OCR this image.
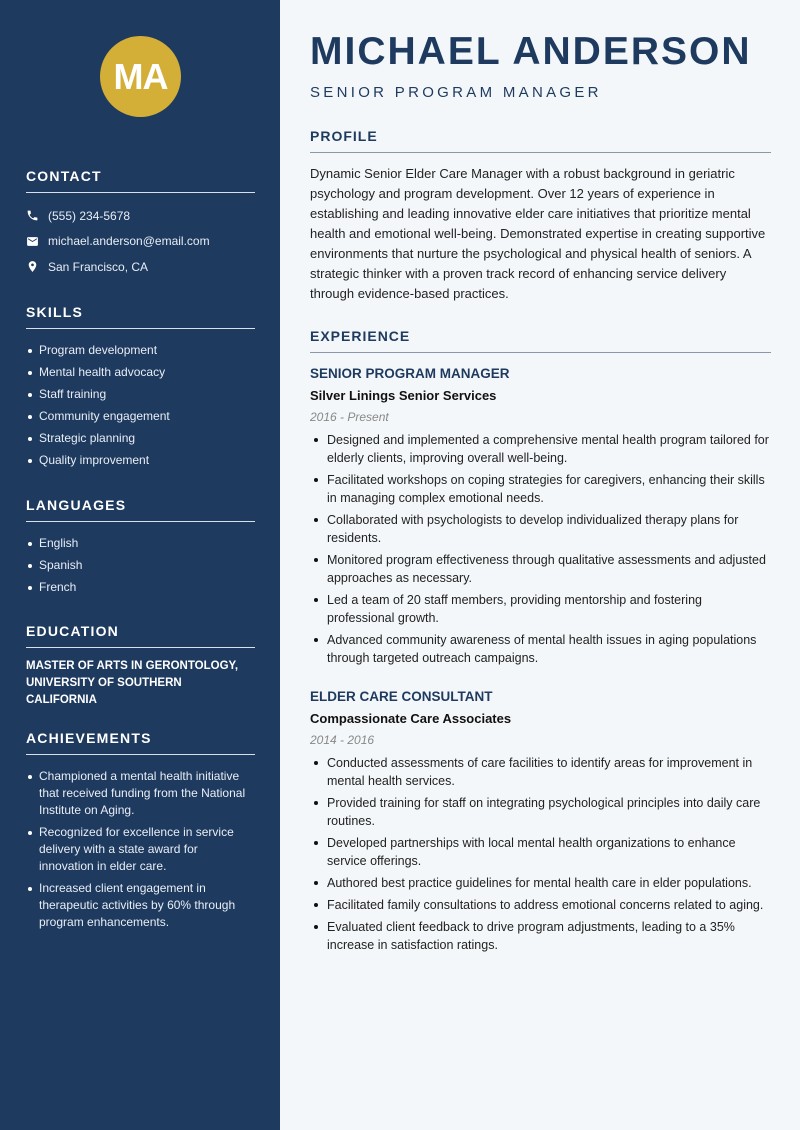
MA
CONTACT
(555) 234-5678
michael.anderson@email.com
San Francisco, CA
SKILLS
Program development
Mental health advocacy
Staff training
Community engagement
Strategic planning
Quality improvement
LANGUAGES
English
Spanish
French
EDUCATION
MASTER OF ARTS IN GERONTOLOGY, UNIVERSITY OF SOUTHERN CALIFORNIA
ACHIEVEMENTS
Championed a mental health initiative that received funding from the National Institute on Aging.
Recognized for excellence in service delivery with a state award for innovation in elder care.
Increased client engagement in therapeutic activities by 60% through program enhancements.
MICHAEL ANDERSON
SENIOR PROGRAM MANAGER
PROFILE
Dynamic Senior Elder Care Manager with a robust background in geriatric psychology and program development. Over 12 years of experience in establishing and leading innovative elder care initiatives that prioritize mental health and emotional well-being. Demonstrated expertise in creating supportive environments that nurture the psychological and physical health of seniors. A strategic thinker with a proven track record of enhancing service delivery through evidence-based practices.
EXPERIENCE
SENIOR PROGRAM MANAGER
Silver Linings Senior Services
2016 - Present
Designed and implemented a comprehensive mental health program tailored for elderly clients, improving overall well-being.
Facilitated workshops on coping strategies for caregivers, enhancing their skills in managing complex emotional needs.
Collaborated with psychologists to develop individualized therapy plans for residents.
Monitored program effectiveness through qualitative assessments and adjusted approaches as necessary.
Led a team of 20 staff members, providing mentorship and fostering professional growth.
Advanced community awareness of mental health issues in aging populations through targeted outreach campaigns.
ELDER CARE CONSULTANT
Compassionate Care Associates
2014 - 2016
Conducted assessments of care facilities to identify areas for improvement in mental health services.
Provided training for staff on integrating psychological principles into daily care routines.
Developed partnerships with local mental health organizations to enhance service offerings.
Authored best practice guidelines for mental health care in elder populations.
Facilitated family consultations to address emotional concerns related to aging.
Evaluated client feedback to drive program adjustments, leading to a 35% increase in satisfaction ratings.
